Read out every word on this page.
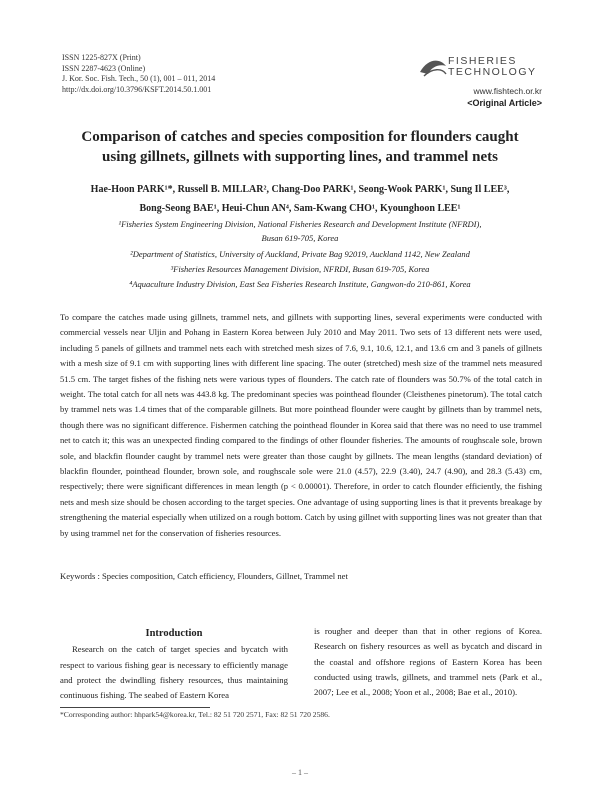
ISSN 1225-827X (Print)
ISSN 2287-4623 (Online)
J. Kor. Soc. Fish. Tech., 50 (1), 001 – 011, 2014
http://dx.doi.org/10.3796/KSFT.2014.50.1.001
FISHERIES
TECHNOLOGY
www.fishtech.or.kr
<Original Article>
Comparison of catches and species composition for flounders caught
using gillnets, gillnets with supporting lines, and trammel nets
Hae-Hoon PARK¹*, Russell B. MILLAR², Chang-Doo PARK¹, Seong-Wook PARK¹, Sung Il LEE³,
Bong-Seong BAE¹, Heui-Chun AN⁴, Sam-Kwang CHO¹, Kyounghoon LEE¹
¹Fisheries System Engineering Division, National Fisheries Research and Development Institute (NFRDI),
Busan 619-705, Korea
²Department of Statistics, University of Auckland, Private Bag 92019, Auckland 1142, New Zealand
³Fisheries Resources Management Division, NFRDI, Busan 619-705, Korea
⁴Aquaculture Industry Division, East Sea Fisheries Research Institute, Gangwon-do 210-861, Korea
To compare the catches made using gillnets, trammel nets, and gillnets with supporting lines, several experiments were conducted with commercial vessels near Uljin and Pohang in Eastern Korea between July 2010 and May 2011. Two sets of 13 different nets were used, including 5 panels of gillnets and trammel nets each with stretched mesh sizes of 7.6, 9.1, 10.6, 12.1, and 13.6 cm and 3 panels of gillnets with a mesh size of 9.1 cm with supporting lines with different line spacing. The outer (stretched) mesh size of the trammel nets measured 51.5 cm. The target fishes of the fishing nets were various types of flounders. The catch rate of flounders was 50.7% of the total catch in weight. The total catch for all nets was 443.8 kg. The predominant species was pointhead flounder (Cleisthenes pinetorum). The total catch by trammel nets was 1.4 times that of the comparable gillnets. But more pointhead flounder were caught by gillnets than by trammel nets, though there was no significant difference. Fishermen catching the pointhead flounder in Korea said that there was no need to use trammel net to catch it; this was an unexpected finding compared to the findings of other flounder fisheries. The amounts of roughscale sole, brown sole, and blackfin flounder caught by trammel nets were greater than those caught by gillnets. The mean lengths (standard deviation) of blackfin flounder, pointhead flounder, brown sole, and roughscale sole were 21.0 (4.57), 22.9 (3.40), 24.7 (4.90), and 28.3 (5.43) cm, respectively; there were significant differences in mean length (p < 0.00001). Therefore, in order to catch flounder efficiently, the fishing nets and mesh size should be chosen according to the target species. One advantage of using supporting lines is that it prevents breakage by strengthening the material especially when utilized on a rough bottom. Catch by using gillnet with supporting lines was not greater than that by using trammel net for the conservation of fisheries resources.
Keywords : Species composition, Catch efficiency, Flounders, Gillnet, Trammel net
Introduction
Research on the catch of target species and bycatch with respect to various fishing gear is necessary to efficiently manage and protect the dwindling fishery resources, thus maintaining continuous fishing. The seabed of Eastern Korea
is rougher and deeper than that in other regions of Korea. Research on fishery resources as well as bycatch and discard in the coastal and offshore regions of Eastern Korea has been conducted using trawls, gillnets, and trammel nets (Park et al., 2007; Lee et al., 2008; Yoon et al., 2008; Bae et al., 2010).
*Corresponding author: hhpark54@korea.kr, Tel.: 82 51 720 2571, Fax: 82 51 720 2586.
– 1 –
